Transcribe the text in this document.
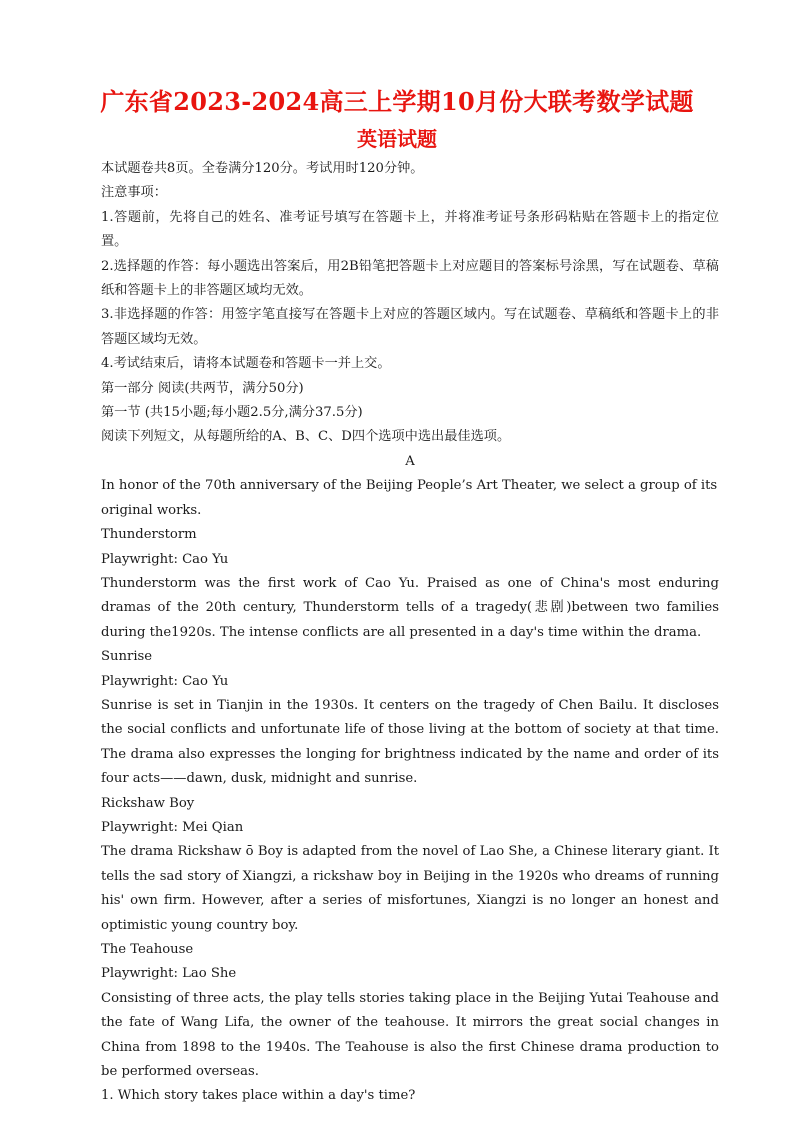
广东省2023-2024高三上学期10月份大联考数学试题
英语试题

本试题卷共8页。全卷满分120分。考试用时120分钟。

注意事项：

1.答题前，先将自己的姓名、准考证号填写在答题卡上，并将准考证号条形码粘贴在答题卡上的指定位置。

2.选择题的作答：每小题选出答案后，用2B铅笔把答题卡上对应题目的答案标号涂黑，写在试题卷、草稿纸和答题卡上的非答题区域均无效。

3.非选择题的作答：用签字笔直接写在答题卡上对应的答题区域内。写在试题卷、草稿纸和答题卡上的非答题区域均无效。

4.考试结束后，请将本试题卷和答题卡一并上交。

第一部分 阅读(共两节，满分50分)

第一节 (共15小题;每小题2.5分,满分37.5分)

阅读下列短文，从每题所给的A、B、C、D四个选项中选出最佳选项。

A

In honor of the 70th anniversary of the Beijing People’s Art Theater, we select a group of its original works.

Thunderstorm

Playwright: Cao Yu

Thunderstorm was the first work of Cao Yu. Praised as one of China's most enduring dramas of the 20th century, Thunderstorm tells of a tragedy(悲剧)between two families during the1920s. The intense conflicts are all presented in a day's time within the drama.

Sunrise

Playwright: Cao Yu

Sunrise is set in Tianjin in the 1930s. It centers on the tragedy of Chen Bailu. It discloses the social conflicts and unfortunate life of those living at the bottom of society at that time. The drama also expresses the longing for brightness indicated by the name and order of its four acts——dawn, dusk, midnight and sunrise.

Rickshaw Boy

Playwright: Mei Qian

The drama Rickshaw ō Boy is adapted from the novel of Lao She, a Chinese literary giant. It tells the sad story of Xiangzi, a rickshaw boy in Beijing in the 1920s who dreams of running his' own firm. However, after a series of misfortunes, Xiangzi is no longer an honest and optimistic young country boy.

The Teahouse

Playwright: Lao She

Consisting of three acts, the play tells stories taking place in the Beijing Yutai Teahouse and the fate of Wang Lifa, the owner of the teahouse. It mirrors the great social changes in China from 1898 to the 1940s. The Teahouse is also the first Chinese drama production to be performed overseas.

1. Which story takes place within a day's time?
